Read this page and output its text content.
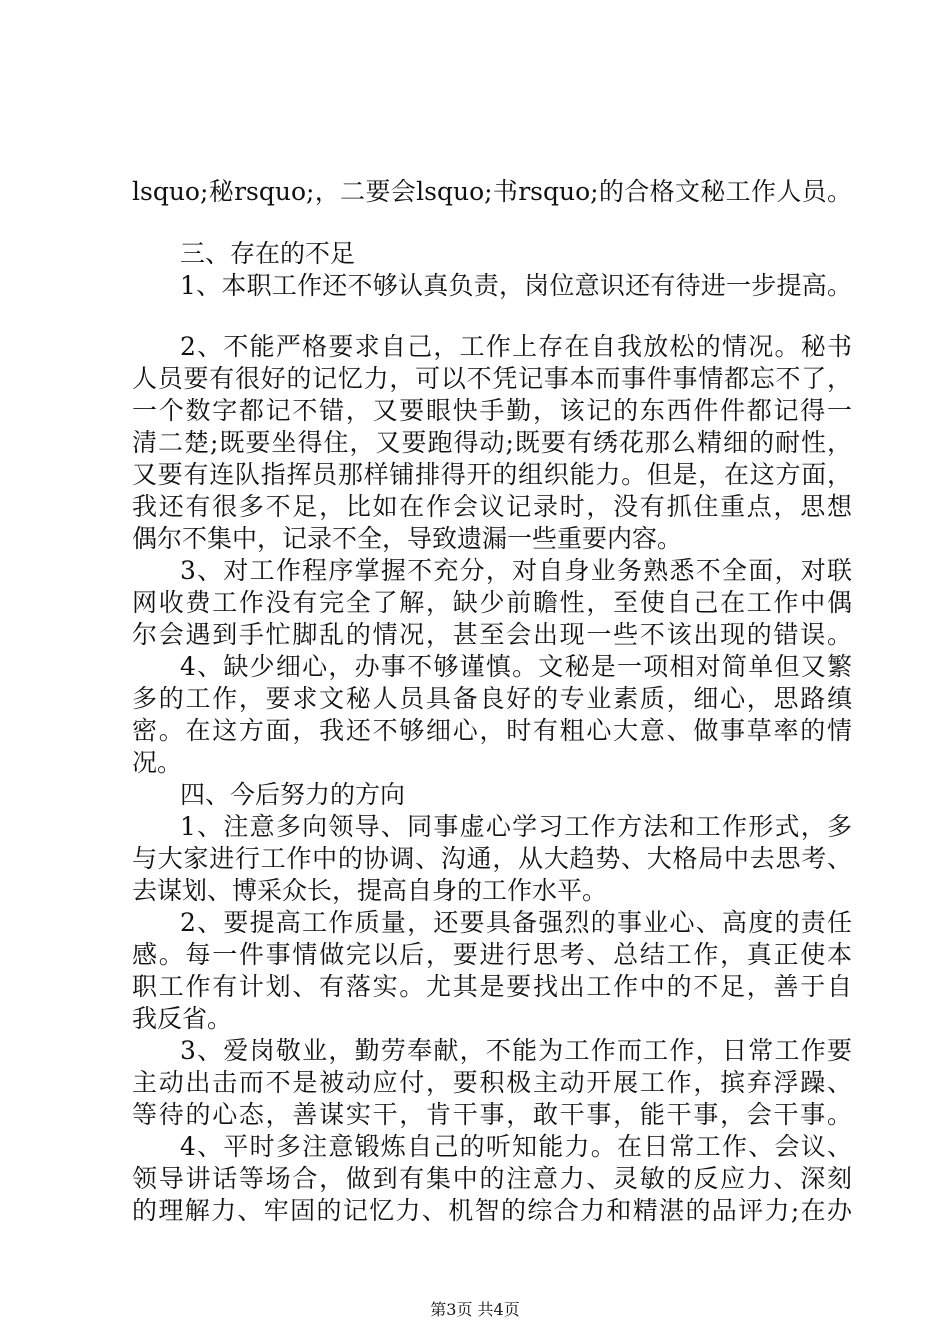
lsquo;秘rsquo;，二要会lsquo;书rsquo;的合格文秘工作人员。
三、存在的不足
1、本职工作还不够认真负责，岗位意识还有待进一步提高。
2、不能严格要求自己，工作上存在自我放松的情况。秘书
人员要有很好的记忆力，可以不凭记事本而事件事情都忘不了，
一个数字都记不错，又要眼快手勤，该记的东西件件都记得一
清二楚;既要坐得住，又要跑得动;既要有绣花那么精细的耐性，
又要有连队指挥员那样铺排得开的组织能力。但是，在这方面，
我还有很多不足，比如在作会议记录时，没有抓住重点，思想
偶尔不集中，记录不全，导致遗漏一些重要内容。
3、对工作程序掌握不充分，对自身业务熟悉不全面，对联
网收费工作没有完全了解，缺少前瞻性，至使自己在工作中偶
尔会遇到手忙脚乱的情况，甚至会出现一些不该出现的错误。
4、缺少细心，办事不够谨慎。文秘是一项相对简单但又繁
多的工作，要求文秘人员具备良好的专业素质，细心，思路缜
密。在这方面，我还不够细心，时有粗心大意、做事草率的情
况。
四、今后努力的方向
1、注意多向领导、同事虚心学习工作方法和工作形式，多
与大家进行工作中的协调、沟通，从大趋势、大格局中去思考、
去谋划、博采众长，提高自身的工作水平。
2、要提高工作质量，还要具备强烈的事业心、高度的责任
感。每一件事情做完以后，要进行思考、总结工作，真正使本
职工作有计划、有落实。尤其是要找出工作中的不足，善于自
我反省。
3、爱岗敬业，勤劳奉献，不能为工作而工作，日常工作要
主动出击而不是被动应付，要积极主动开展工作，摈弃浮躁、
等待的心态，善谋实干，肯干事，敢干事，能干事，会干事。
4、平时多注意锻炼自己的听知能力。在日常工作、会议、
领导讲话等场合，做到有集中的注意力、灵敏的反应力、深刻
的理解力、牢固的记忆力、机智的综合力和精湛的品评力;在办
第3页 共4页
